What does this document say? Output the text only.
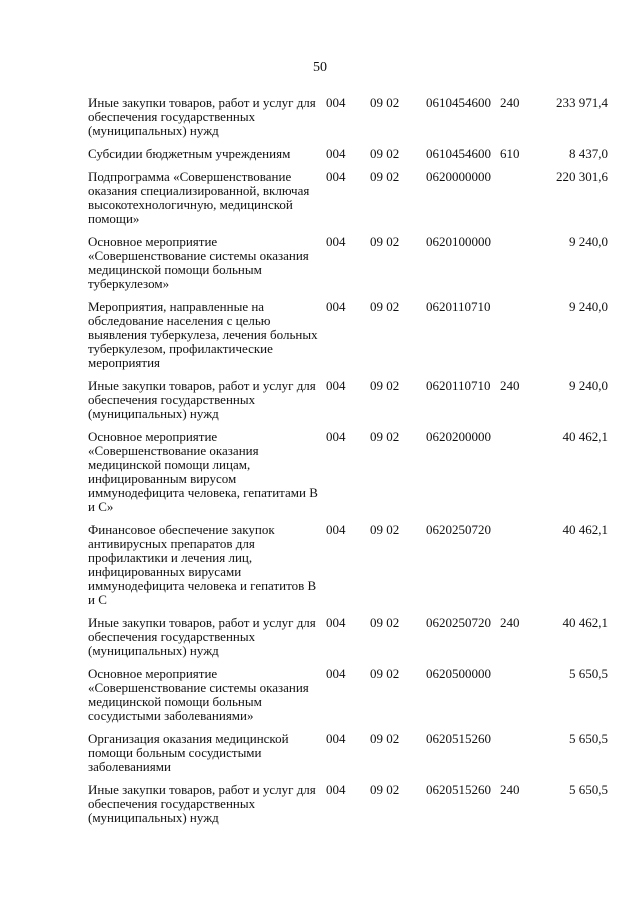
50
Иные закупки товаров, работ и услуг для обеспечения государственных (муниципальных) нужд	004	09 02	0610454600	240	233 971,4
Субсидии бюджетным учреждениям	004	09 02	0610454600	610	8 437,0
Подпрограмма «Совершенствование оказания специализированной, включая высокотехнологичную, медицинской помощи»	004	09 02	0620000000		220 301,6
Основное мероприятие «Совершенствование системы оказания медицинской помощи больным туберкулезом»	004	09 02	0620100000		9 240,0
Мероприятия, направленные на обследование населения с целью выявления туберкулеза, лечения больных туберкулезом, профилактические мероприятия	004	09 02	0620110710		9 240,0
Иные закупки товаров, работ и услуг для обеспечения государственных (муниципальных) нужд	004	09 02	0620110710	240	9 240,0
Основное мероприятие «Совершенствование оказания медицинской помощи лицам, инфицированным вирусом иммунодефицита человека, гепатитами В и С»	004	09 02	0620200000		40 462,1
Финансовое обеспечение закупок антивирусных препаратов для профилактики и лечения лиц, инфицированных вирусами иммунодефицита человека и гепатитов В и С	004	09 02	0620250720		40 462,1
Иные закупки товаров, работ и услуг для обеспечения государственных (муниципальных) нужд	004	09 02	0620250720	240	40 462,1
Основное мероприятие «Совершенствование системы оказания медицинской помощи больным сосудистыми заболеваниями»	004	09 02	0620500000		5 650,5
Организация оказания медицинской помощи больным сосудистыми заболеваниями	004	09 02	0620515260		5 650,5
Иные закупки товаров, работ и услуг для обеспечения государственных (муниципальных) нужд	004	09 02	0620515260	240	5 650,5
